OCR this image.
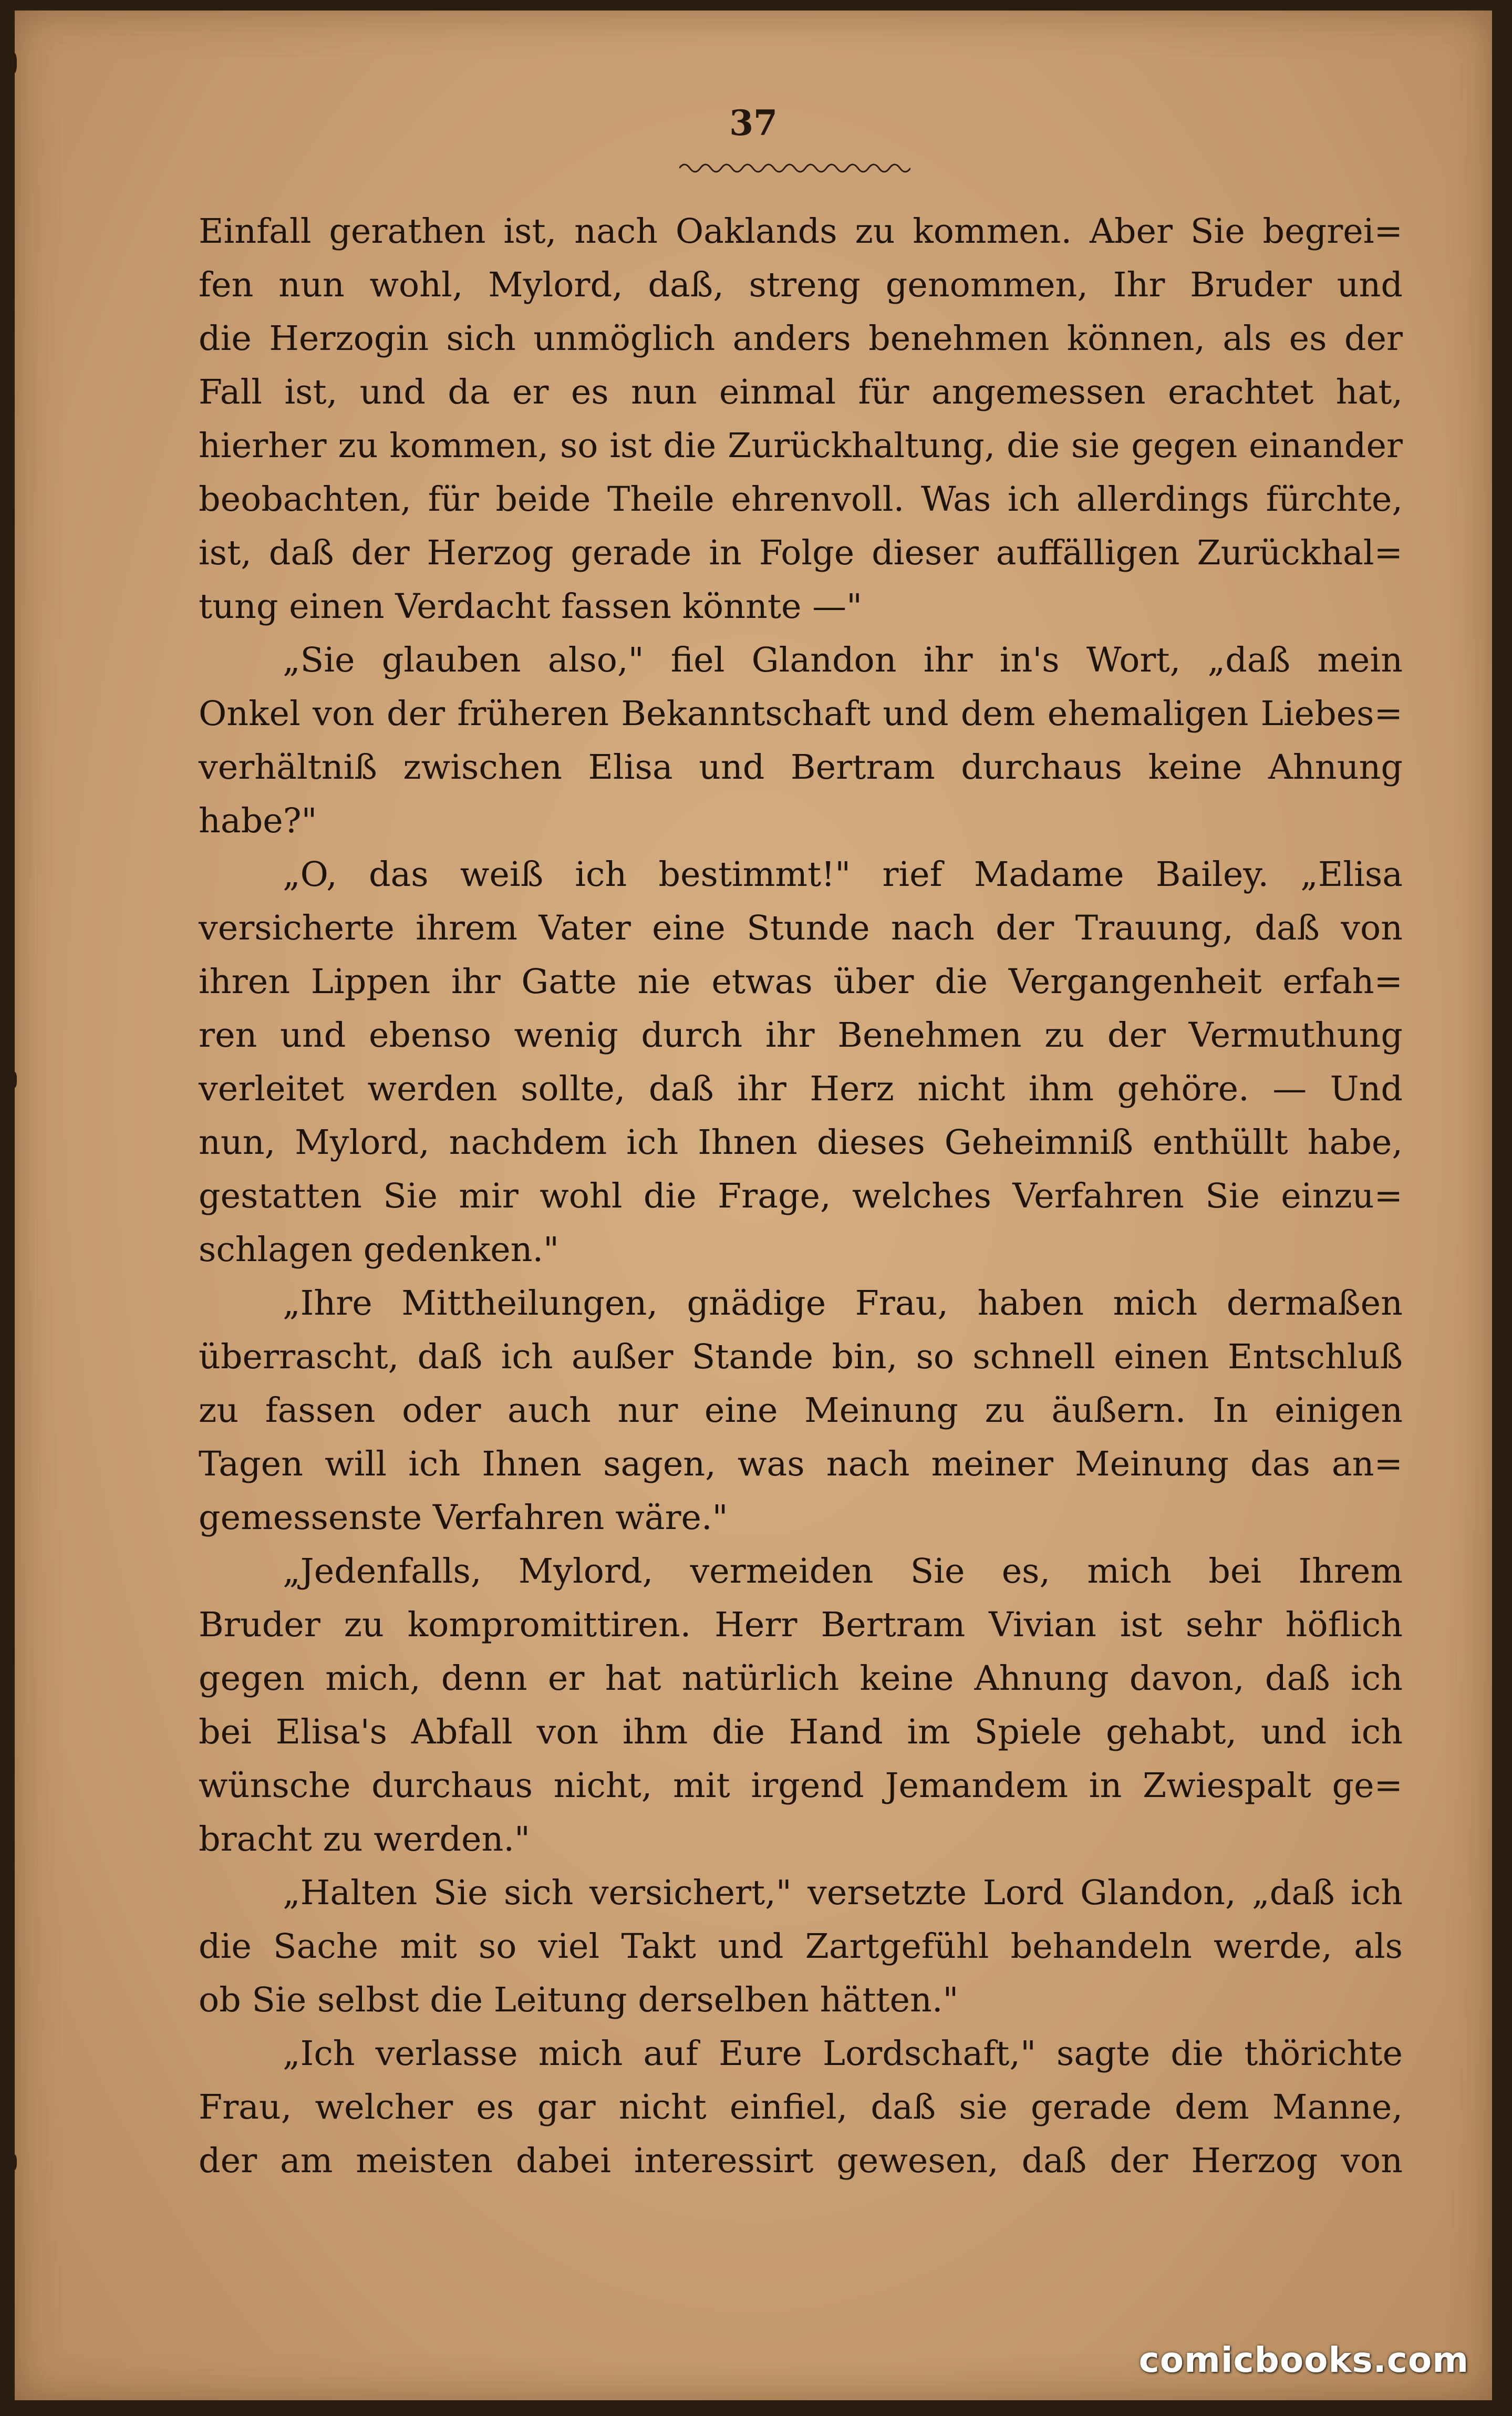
37
Einfall gerathen ist, nach Oaklands zu kommen. Aber Sie begrei=
fen nun wohl, Mylord, daß, streng genommen, Ihr Bruder und
die Herzogin sich unmöglich anders benehmen können, als es der
Fall ist, und da er es nun einmal für angemessen erachtet hat,
hierher zu kommen, so ist die Zurückhaltung, die sie gegen einander
beobachten, für beide Theile ehrenvoll. Was ich allerdings fürchte,
ist, daß der Herzog gerade in Folge dieser auffälligen Zurückhal=
tung einen Verdacht fassen könnte —"
„Sie glauben also," fiel Glandon ihr in's Wort, „daß mein
Onkel von der früheren Bekanntschaft und dem ehemaligen Liebes=
verhältniß zwischen Elisa und Bertram durchaus keine Ahnung
habe?"
„O, das weiß ich bestimmt!" rief Madame Bailey. „Elisa
versicherte ihrem Vater eine Stunde nach der Trauung, daß von
ihren Lippen ihr Gatte nie etwas über die Vergangenheit erfah=
ren und ebenso wenig durch ihr Benehmen zu der Vermuthung
verleitet werden sollte, daß ihr Herz nicht ihm gehöre. — Und
nun, Mylord, nachdem ich Ihnen dieses Geheimniß enthüllt habe,
gestatten Sie mir wohl die Frage, welches Verfahren Sie einzu=
schlagen gedenken."
„Ihre Mittheilungen, gnädige Frau, haben mich dermaßen
überrascht, daß ich außer Stande bin, so schnell einen Entschluß
zu fassen oder auch nur eine Meinung zu äußern. In einigen
Tagen will ich Ihnen sagen, was nach meiner Meinung das an=
gemessenste Verfahren wäre."
„Jedenfalls, Mylord, vermeiden Sie es, mich bei Ihrem
Bruder zu kompromittiren. Herr Bertram Vivian ist sehr höflich
gegen mich, denn er hat natürlich keine Ahnung davon, daß ich
bei Elisa's Abfall von ihm die Hand im Spiele gehabt, und ich
wünsche durchaus nicht, mit irgend Jemandem in Zwiespalt ge=
bracht zu werden."
„Halten Sie sich versichert," versetzte Lord Glandon, „daß ich
die Sache mit so viel Takt und Zartgefühl behandeln werde, als
ob Sie selbst die Leitung derselben hätten."
„Ich verlasse mich auf Eure Lordschaft," sagte die thörichte
Frau, welcher es gar nicht einfiel, daß sie gerade dem Manne,
der am meisten dabei interessirt gewesen, daß der Herzog von
comicbooks.com
